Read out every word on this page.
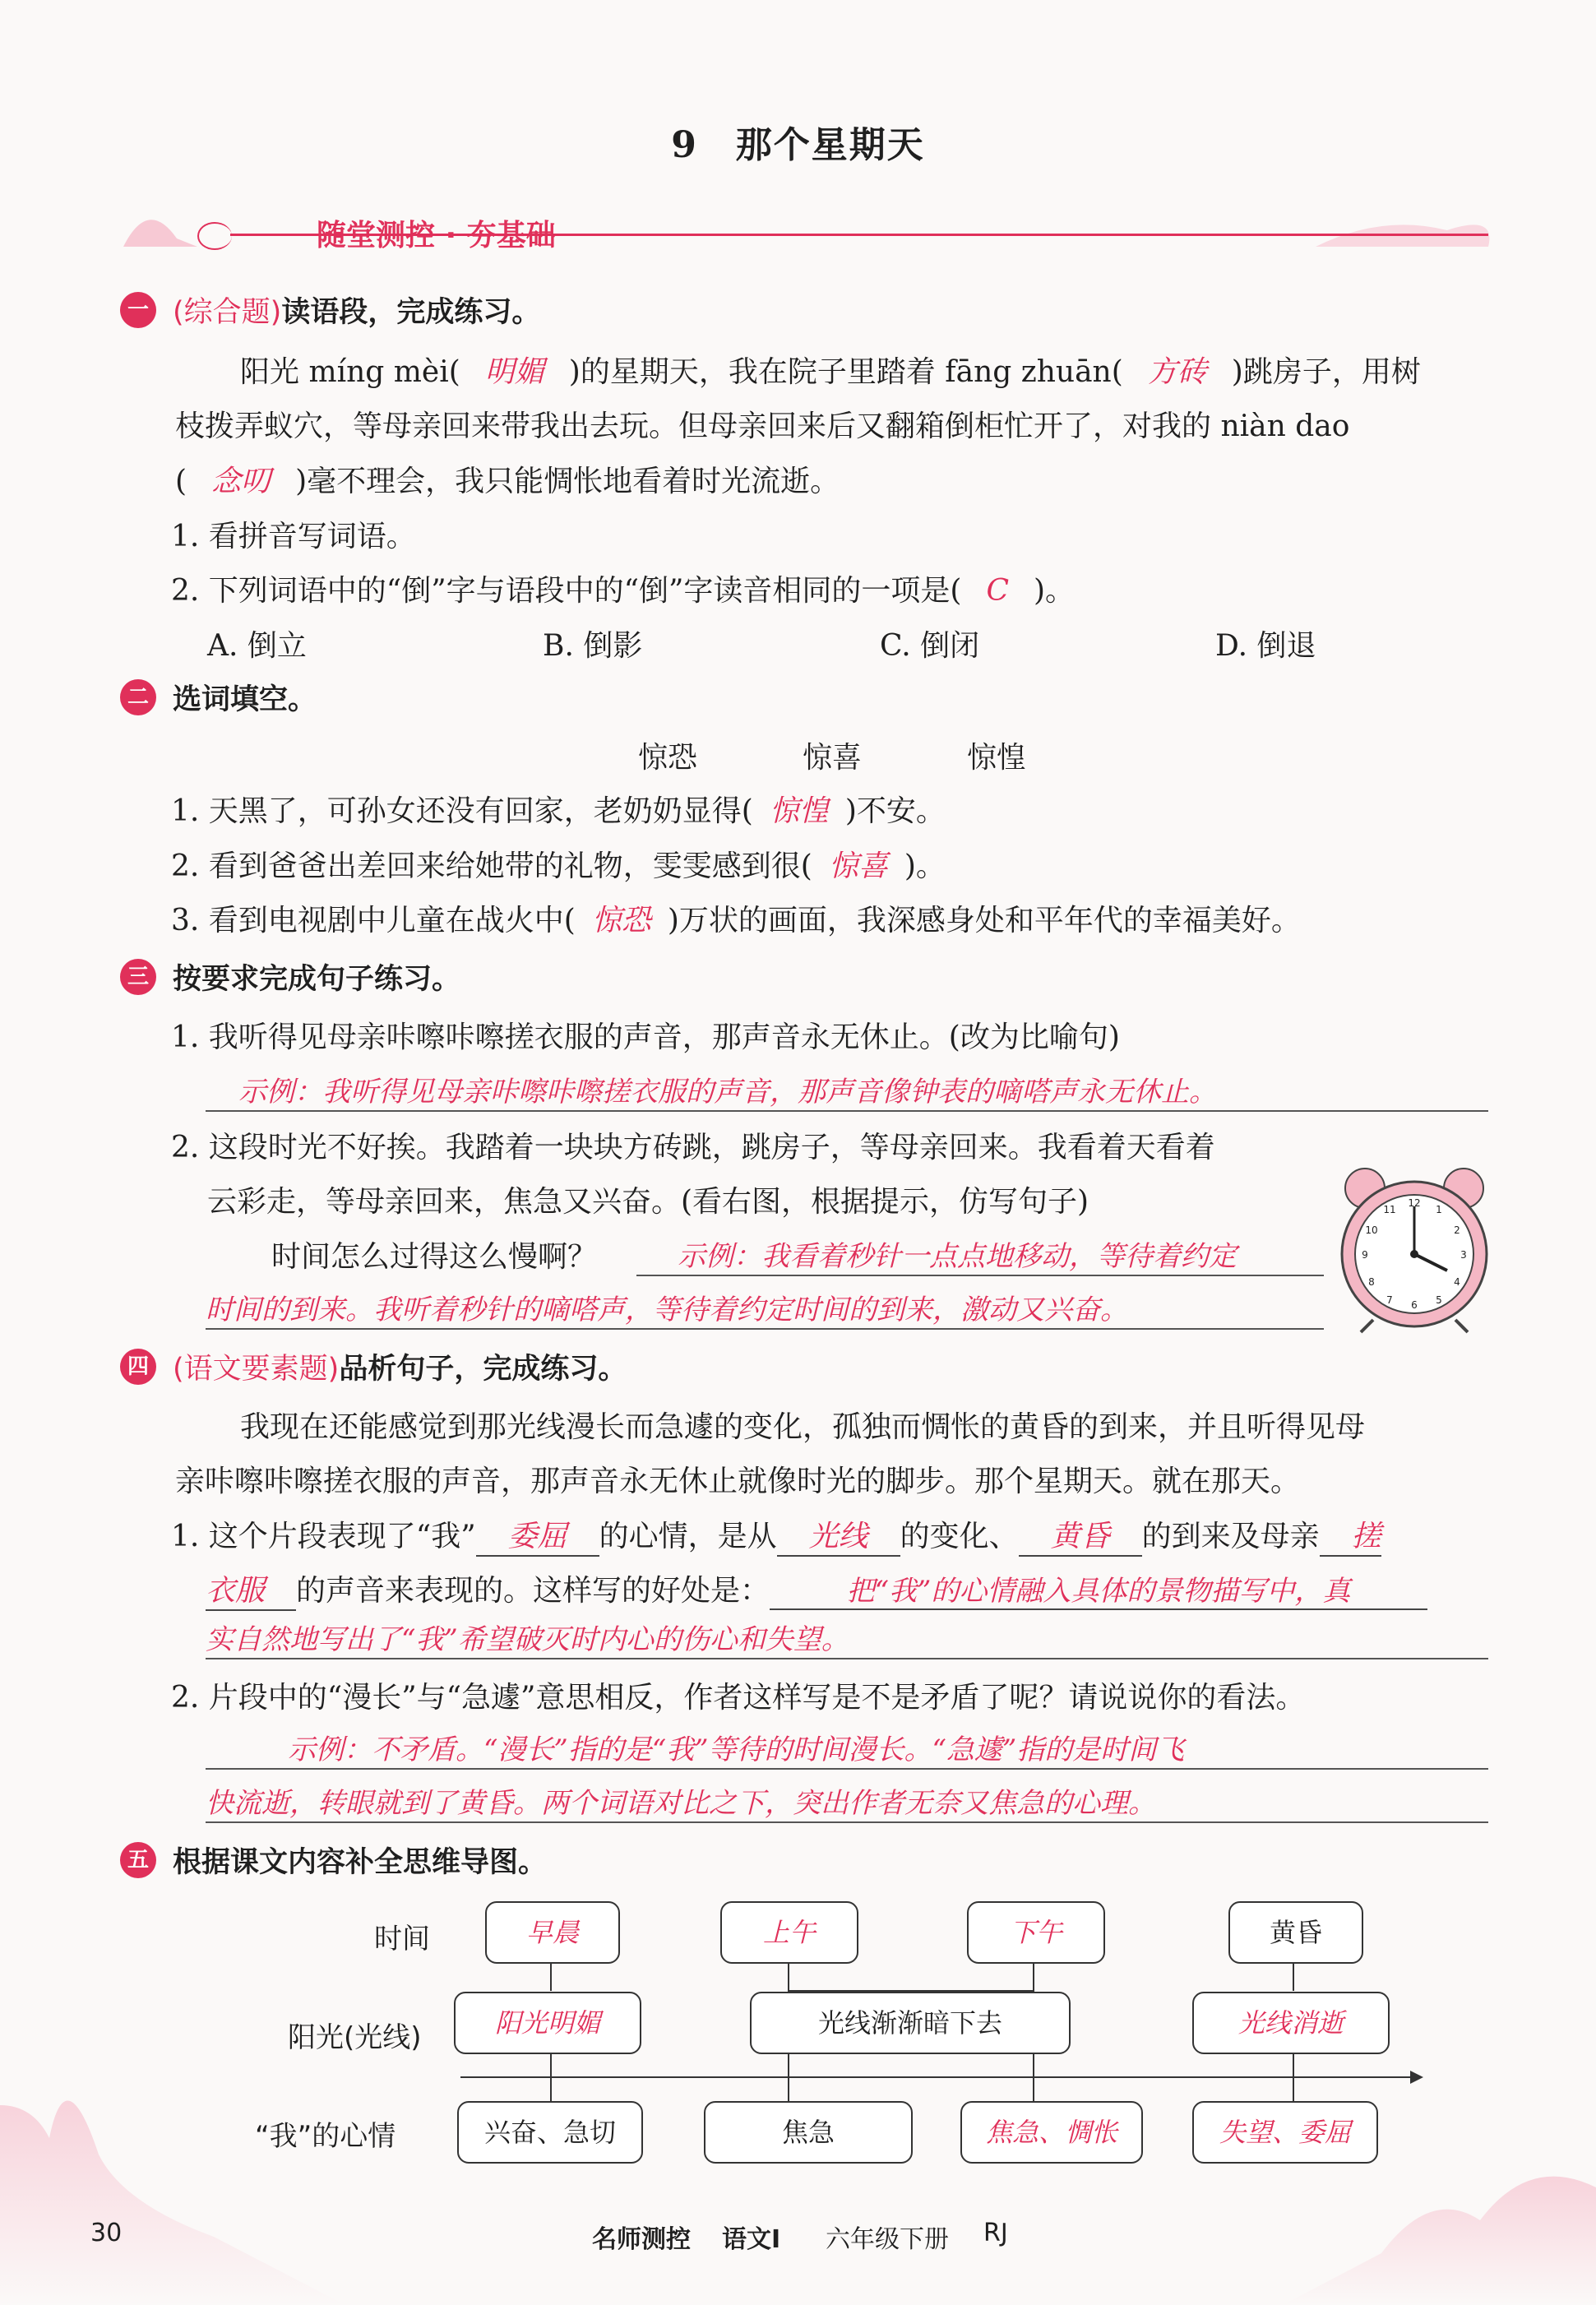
9　那个星期天
随堂测控 · 夯基础
一 (综合题)读语段，完成练习。
阳光 míng mèi( 明媚 )的星期天，我在院子里踏着 fāng zhuān( 方砖 )跳房子，用树
枝拨弄蚁穴，等母亲回来带我出去玩。但母亲回来后又翻箱倒柜忙开了，对我的 niàn dao
( 念叨 )毫不理会，我只能惆怅地看着时光流逝。
1. 看拼音写词语。
2. 下列词语中的“倒”字与语段中的“倒”字读音相同的一项是( C )。
A. 倒立	B. 倒影	C. 倒闭	D. 倒退
二 选词填空。
惊恐	惊喜	惊惶
1. 天黑了，可孙女还没有回家，老奶奶显得( 惊惶 )不安。
2. 看到爸爸出差回来给她带的礼物，雯雯感到很( 惊喜 )。
3. 看到电视剧中儿童在战火中( 惊恐 )万状的画面，我深感身处和平年代的幸福美好。
三 按要求完成句子练习。
1. 我听得见母亲咔嚓咔嚓搓衣服的声音，那声音永无休止。(改为比喻句)
示例：我听得见母亲咔嚓咔嚓搓衣服的声音，那声音像钟表的嘀嗒声永无休止。
2. 这段时光不好挨。我踏着一块块方砖跳，跳房子，等母亲回来。我看着天看着
云彩走，等母亲回来，焦急又兴奋。(看右图，根据提示，仿写句子)
时间怎么过得这么慢啊？	示例：我看着秒针一点点地移动，等待着约定
时间的到来。我听着秒针的嘀嗒声，等待着约定时间的到来，激动又兴奋。
12
3
6
9
1
2
4
5
7
8
10
11
四 (语文要素题)品析句子，完成练习。
我现在还能感觉到那光线漫长而急遽的变化，孤独而惆怅的黄昏的到来，并且听得见母
亲咔嚓咔嚓搓衣服的声音，那声音永无休止就像时光的脚步。那个星期天。就在那天。
1. 这个片段表现了“我” 委屈 的心情，是从 光线 的变化、 黄昏 的到来及母亲 搓
衣服 的声音来表现的。这样写的好处是：	把“我”的心情融入具体的景物描写中，真
实自然地写出了“我”希望破灭时内心的伤心和失望。
2. 片段中的“漫长”与“急遽”意思相反，作者这样写是不是矛盾了呢？请说说你的看法。
示例：不矛盾。“漫长”指的是“我”等待的时间漫长。“急遽”指的是时间飞
快流逝，转眼就到了黄昏。两个词语对比之下，突出作者无奈又焦急的心理。
五 根据课文内容补全思维导图。
时间
阳光(光线)
“我”的心情
早晨	上午	下午	黄昏
阳光明媚	光线渐渐暗下去	光线消逝
兴奋、急切	焦急	焦急、惆怅	失望、委屈
30	名师测控 语文Ⅰ 六年级下册 RJ
